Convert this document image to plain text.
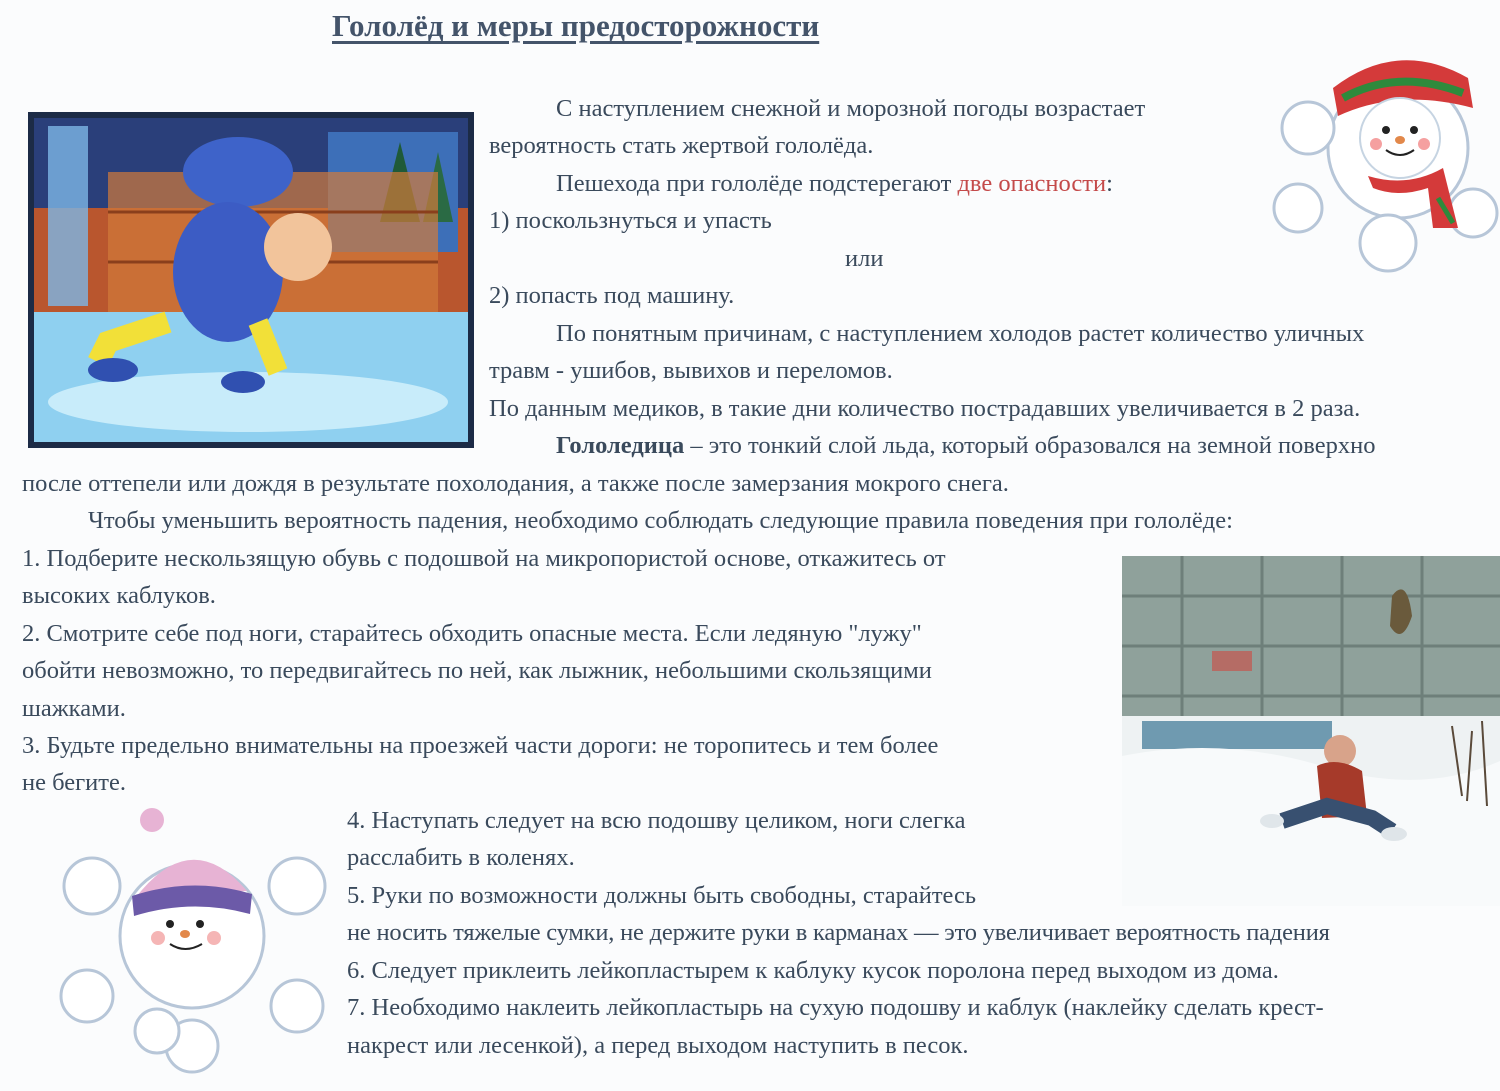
Гололёд и меры предосторожности
С наступлением снежной и морозной погоды возрастает
вероятность стать жертвой гололёда.
Пешехода при гололёде подстерегают две опасности:
1) поскользнуться и упасть
или
2) попасть под машину.
По понятным причинам, с наступлением холодов растет количество уличных
травм - ушибов, вывихов и переломов.
По данным медиков, в такие дни количество пострадавших увеличивается в 2 раза.
Гололедица – это тонкий слой льда, который образовался на земной поверхно
после оттепели или дождя в результате похолодания, а также после замерзания мокрого снега.
Чтобы уменьшить вероятность падения, необходимо соблюдать следующие правила поведения при гололёде:
1. Подберите нескользящую обувь с подошвой на микропористой основе, откажитесь от
высоких каблуков.
2. Смотрите себе под ноги, старайтесь обходить опасные места. Если ледяную "лужу"
обойти невозможно, то передвигайтесь по ней, как лыжник, небольшими скользящими
шажками.
3. Будьте предельно внимательны на проезжей части дороги: не торопитесь и тем более
не бегите.
4. Наступать следует на всю подошву целиком, ноги слегка
расслабить в коленях.
5. Руки по возможности должны быть свободны, старайтесь
не носить тяжелые сумки, не держите руки в карманах — это увеличивает вероятность падения
6. Следует приклеить лейкопластырем к каблуку кусок поролона перед выходом из дома.
7. Необходимо наклеить лейкопластырь на сухую подошву и каблук (наклейку сделать крест-
накрест или лесенкой), а перед выходом наступить в песок.
